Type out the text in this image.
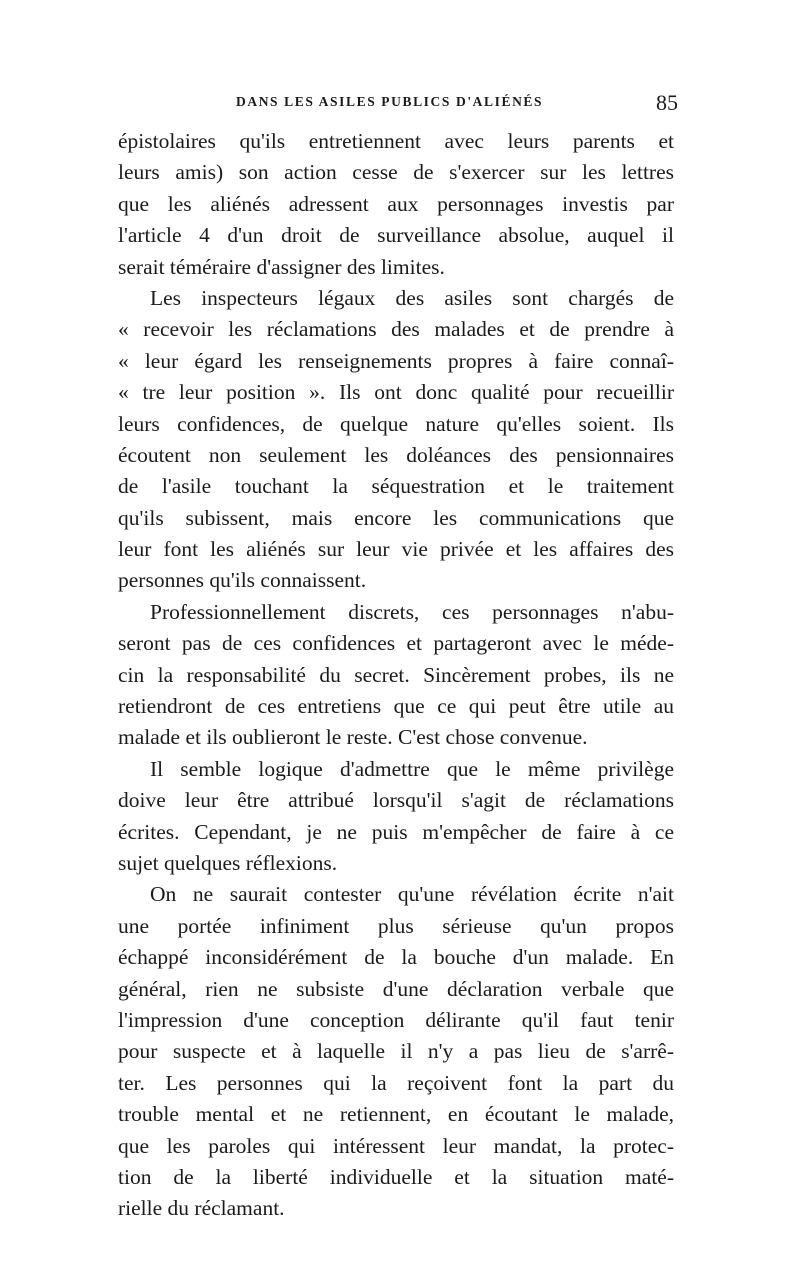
DANS LES ASILES PUBLICS D'ALIÉNÉS	85
épistolaires qu'ils entretiennent avec leurs parents et
leurs amis) son action cesse de s'exercer sur les lettres
que les aliénés adressent aux personnages investis par
l'article 4 d'un droit de surveillance absolue, auquel il
serait téméraire d'assigner des limites.
Les inspecteurs légaux des asiles sont chargés de
« recevoir les réclamations des malades et de prendre à
« leur égard les renseignements propres à faire connaî-
« tre leur position ». Ils ont donc qualité pour recueillir
leurs confidences, de quelque nature qu'elles soient. Ils
écoutent non seulement les doléances des pensionnaires
de l'asile touchant la séquestration et le traitement
qu'ils subissent, mais encore les communications que
leur font les aliénés sur leur vie privée et les affaires des
personnes qu'ils connaissent.
Professionnellement discrets, ces personnages n'abu-
seront pas de ces confidences et partageront avec le méde-
cin la responsabilité du secret. Sincèrement probes, ils ne
retiendront de ces entretiens que ce qui peut être utile au
malade et ils oublieront le reste. C'est chose convenue.
Il semble logique d'admettre que le même privilège
doive leur être attribué lorsqu'il s'agit de réclamations
écrites. Cependant, je ne puis m'empêcher de faire à ce
sujet quelques réflexions.
On ne saurait contester qu'une révélation écrite n'ait
une portée infiniment plus sérieuse qu'un propos
échappé inconsidérément de la bouche d'un malade. En
général, rien ne subsiste d'une déclaration verbale que
l'impression d'une conception délirante qu'il faut tenir
pour suspecte et à laquelle il n'y a pas lieu de s'arrê-
ter. Les personnes qui la reçoivent font la part du
trouble mental et ne retiennent, en écoutant le malade,
que les paroles qui intéressent leur mandat, la protec-
tion de la liberté individuelle et la situation maté-
rielle du réclamant.
